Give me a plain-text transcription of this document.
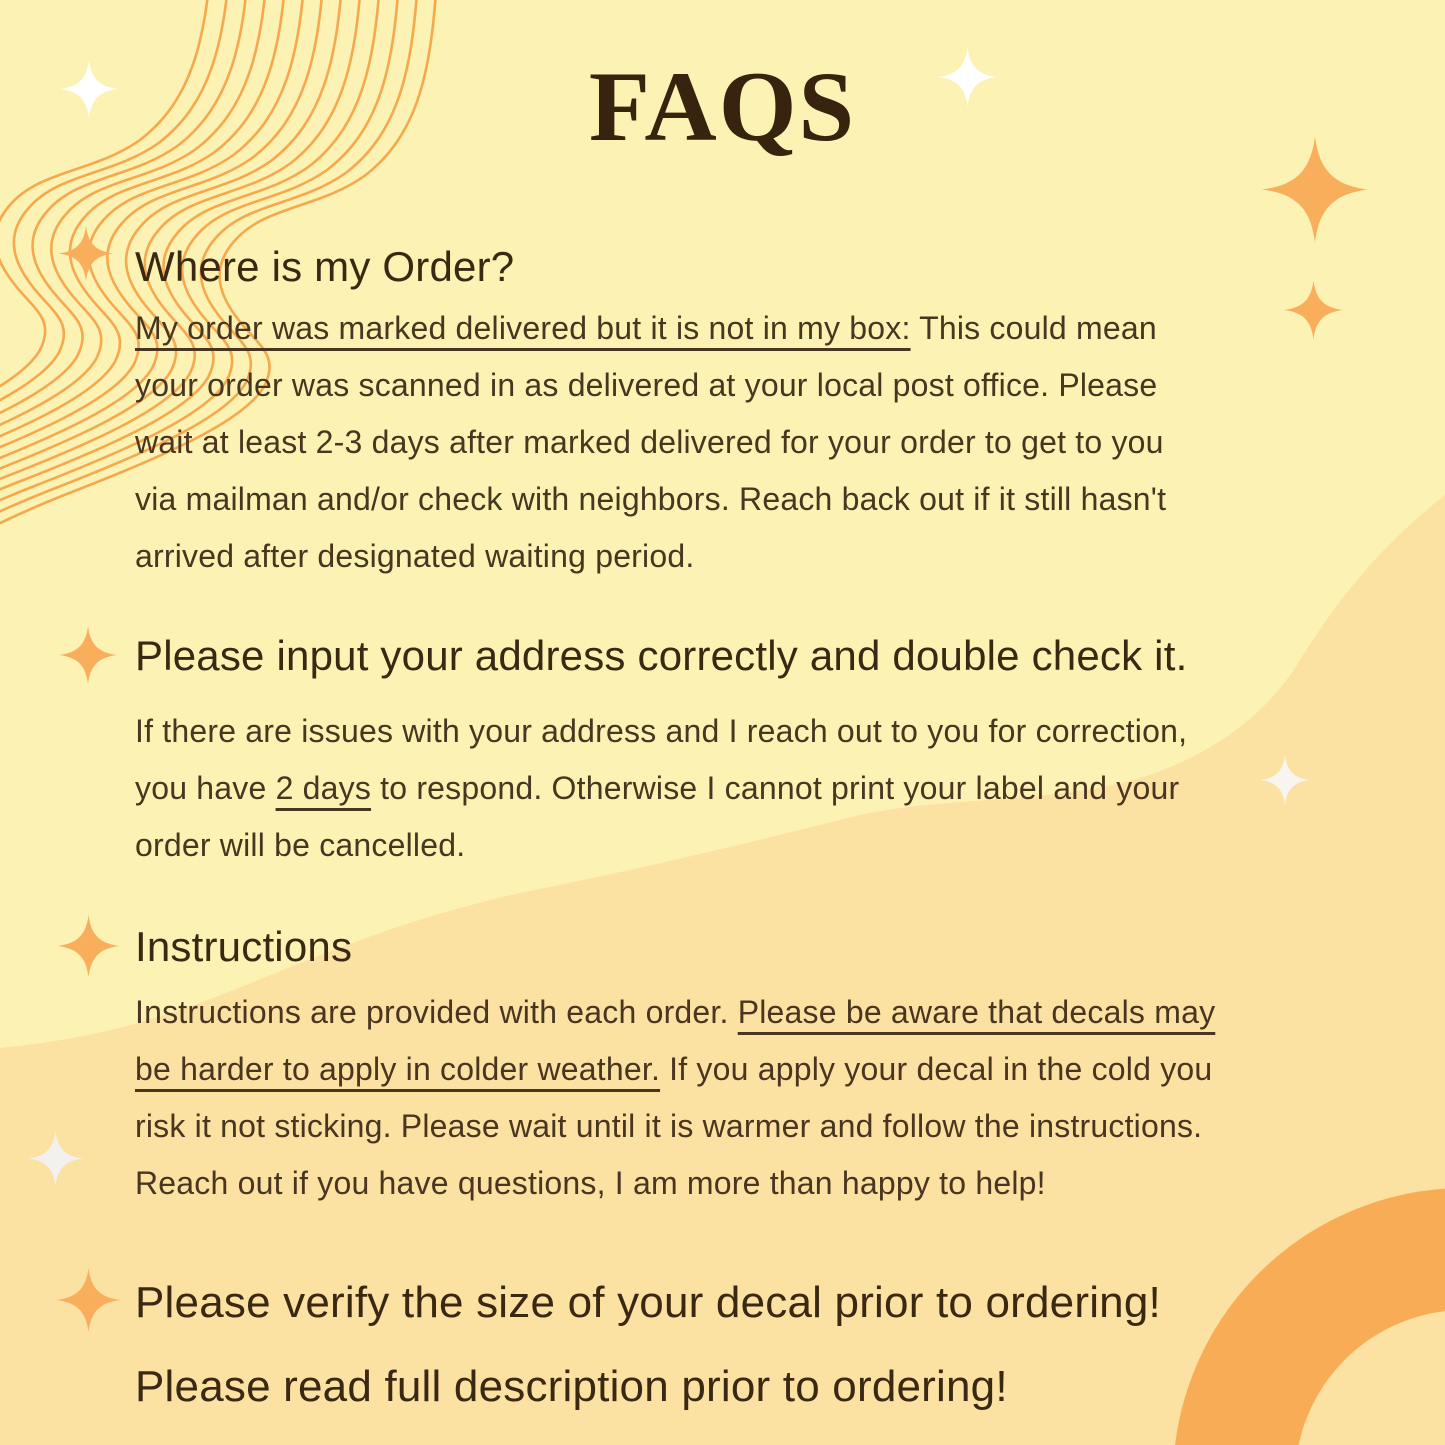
FAQS
Where is my Order?
My order was marked delivered but it is not in my box: This could mean
your order was scanned in as delivered at your local post office. Please
wait at least 2-3 days after marked delivered for your order to get to you
via mailman and/or check with neighbors. Reach back out if it still hasn't
arrived after designated waiting period.
Please input your address correctly and double check it.
If there are issues with your address and I reach out to you for correction,
you have 2 days to respond. Otherwise I cannot print your label and your
order will be cancelled.
Instructions
Instructions are provided with each order. Please be aware that decals may
be harder to apply in colder weather. If you apply your decal in the cold you
risk it not sticking. Please wait until it is warmer and follow the instructions.
Reach out if you have questions, I am more than happy to help!

Please verify the size of your decal prior to ordering!

Please read full description prior to ordering!
